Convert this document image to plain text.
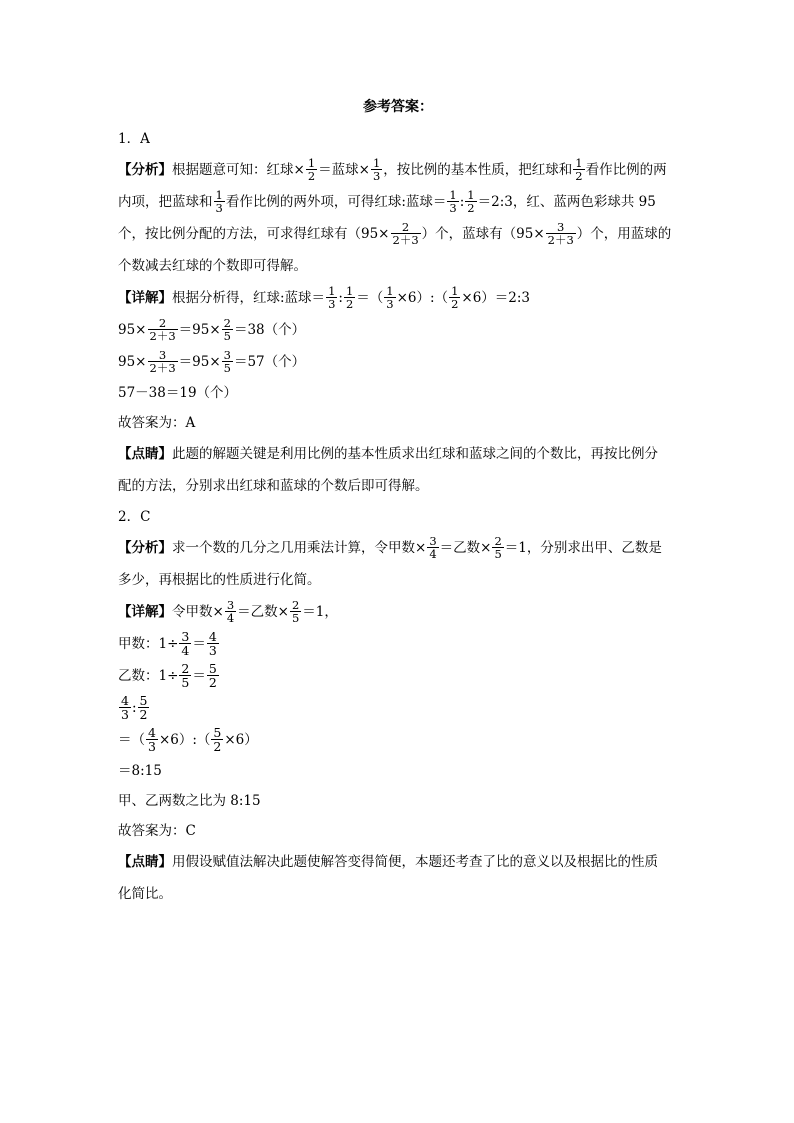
参考答案：

1．A

【分析】根据题意可知：红球× $\frac{1}{2}$ ＝蓝球× $\frac{1}{3}$ ，按比例的基本性质，把红球和 $\frac{1}{2}$ 看作比例的两
内项，把蓝球和 $\frac{1}{3}$ 看作比例的两外项，可得红球:蓝球＝ $\frac{1}{3}$ : $\frac{1}{2}$ ＝2:3，红、蓝两色彩球共 95
个，按比例分配的方法，可求得红球有（$95\times \frac{2}{2+3}$ ）个，蓝球有（$95\times \frac{3}{2+3}$ ）个，用蓝球的
个数减去红球的个数即可得解。

【详解】根据分析得，红球:蓝球＝ $\frac{1}{3}$ : $\frac{1}{2}$ ＝（ $\frac{1}{3}$ ×6）:（ $\frac{1}{2}$ ×6）＝2:3

$95\times \frac{2}{2+3} =95\times \frac{2}{5} =38$（个）

$95\times \frac{3}{2+3} =95\times \frac{3}{5} =57$（个）

57－38＝19（个）

故答案为：A

【点睛】此题的解题关键是利用比例的基本性质求出红球和蓝球之间的个数比，再按比例分
配的方法，分别求出红球和蓝球的个数后即可得解。

2．C

【分析】求一个数的几分之几用乘法计算，令甲数× $\frac{3}{4}$ ＝乙数× $\frac{2}{5} =1$，分别求出甲、乙数是
多少，再根据比的性质进行化简。

【详解】令甲数× $\frac{3}{4}$ ＝乙数× $\frac{2}{5} =1$，

甲数：$1\div \frac{3}{4} = \frac{4}{3}$

乙数：$1\div \frac{2}{5} = \frac{5}{2}$

$\frac{4}{3}$ : $\frac{5}{2}$

＝（ $\frac{4}{3}$ ×6）:（ $\frac{5}{2} \times 6$）

＝8:15

甲、乙两数之比为 8:15

故答案为：C

【点睛】用假设赋值法解决此题使解答变得简便，本题还考查了比的意义以及根据比的性质
化简比。
